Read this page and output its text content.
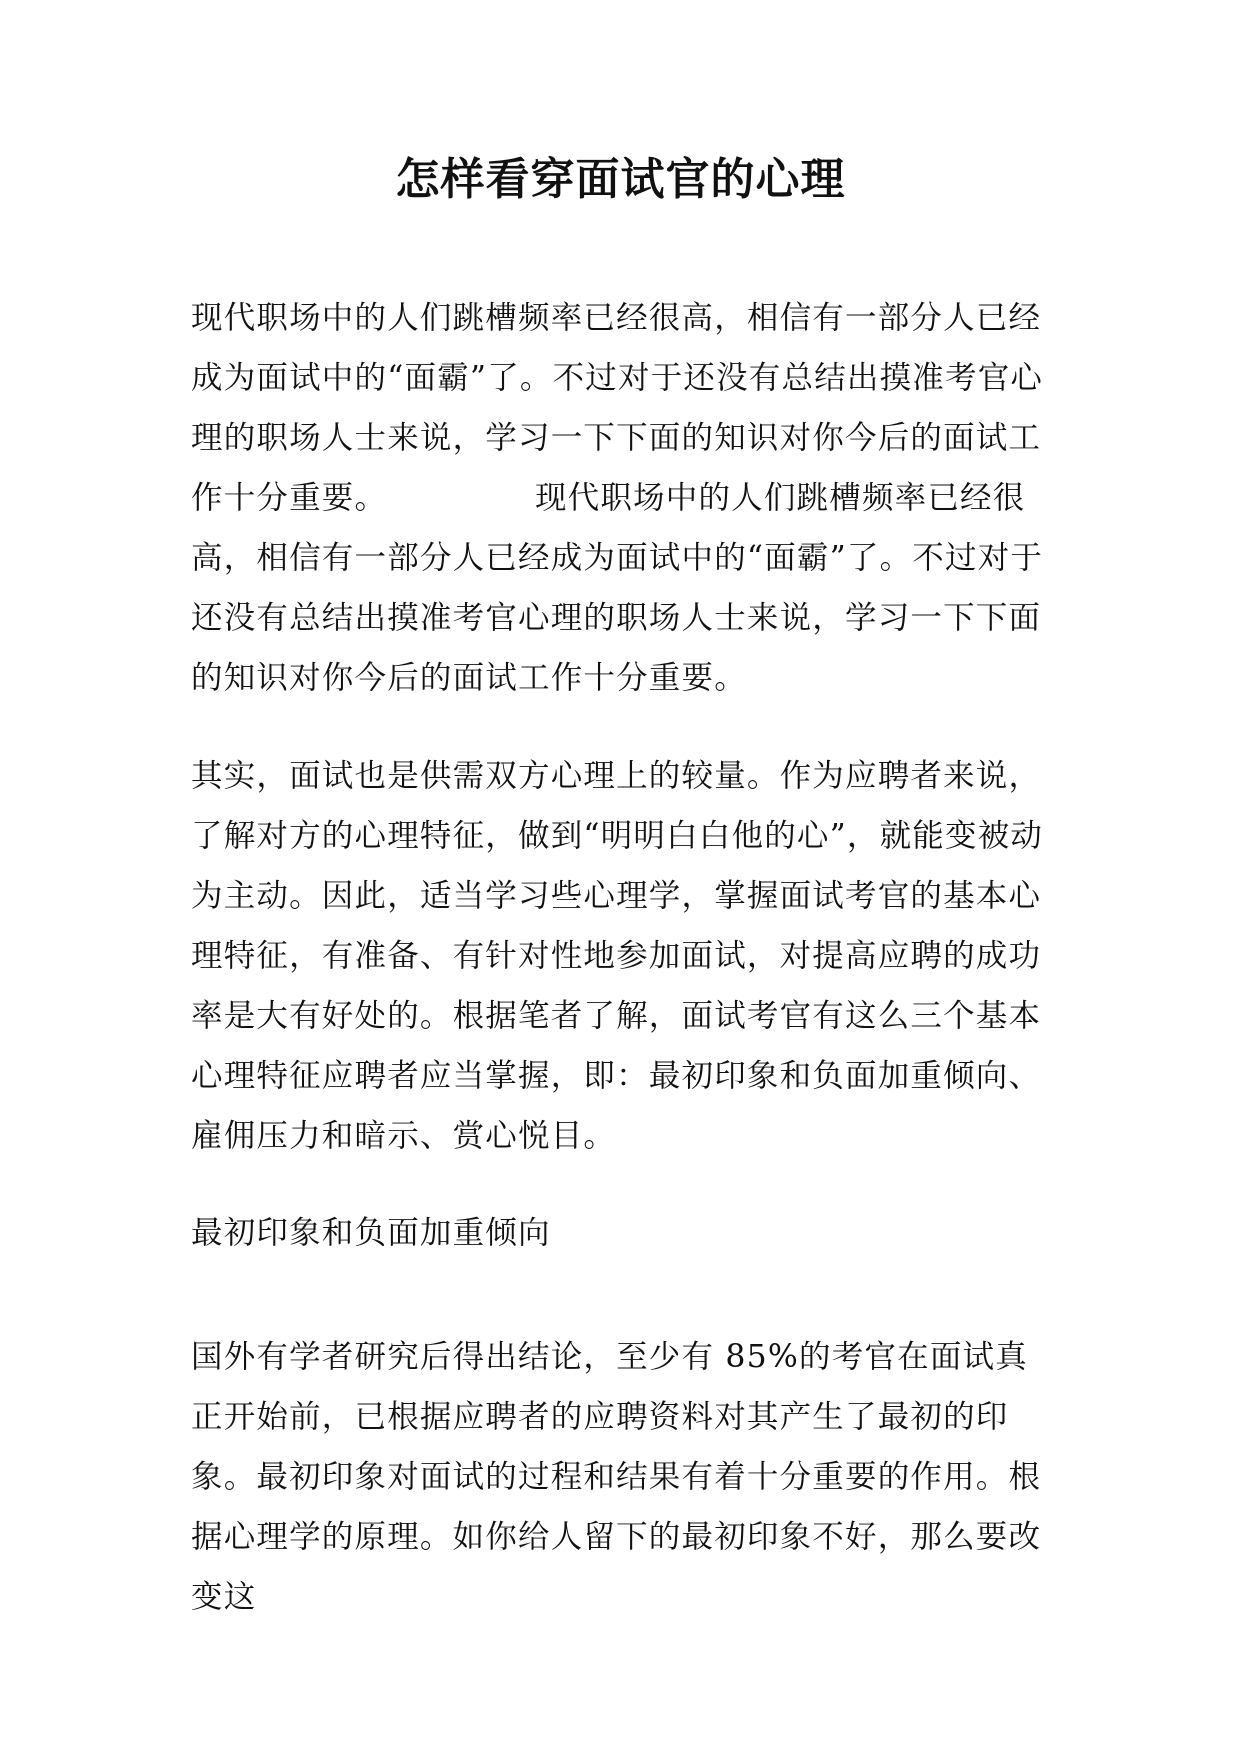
怎样看穿面试官的心理

现代职场中的人们跳槽频率已经很高，相信有一部分人已经成为面试中的“面霸”了。不过对于还没有总结出摸准考官心理的职场人士来说，学习一下下面的知识对你今后的面试工作十分重要。　　　　　现代职场中的人们跳槽频率已经很高，相信有一部分人已经成为面试中的“面霸”了。不过对于还没有总结出摸准考官心理的职场人士来说，学习一下下面的知识对你今后的面试工作十分重要。

其实，面试也是供需双方心理上的较量。作为应聘者来说，了解对方的心理特征，做到“明明白白他的心”，就能变被动为主动。因此，适当学习些心理学，掌握面试考官的基本心理特征，有准备、有针对性地参加面试，对提高应聘的成功率是大有好处的。根据笔者了解，面试考官有这么三个基本心理特征应聘者应当掌握，即：最初印象和负面加重倾向、雇佣压力和暗示、赏心悦目。

最初印象和负面加重倾向

国外有学者研究后得出结论，至少有 85%的考官在面试真正开始前，已根据应聘者的应聘资料对其产生了最初的印象。最初印象对面试的过程和结果有着十分重要的作用。根据心理学的原理。如你给人留下的最初印象不好，那么要改变这
